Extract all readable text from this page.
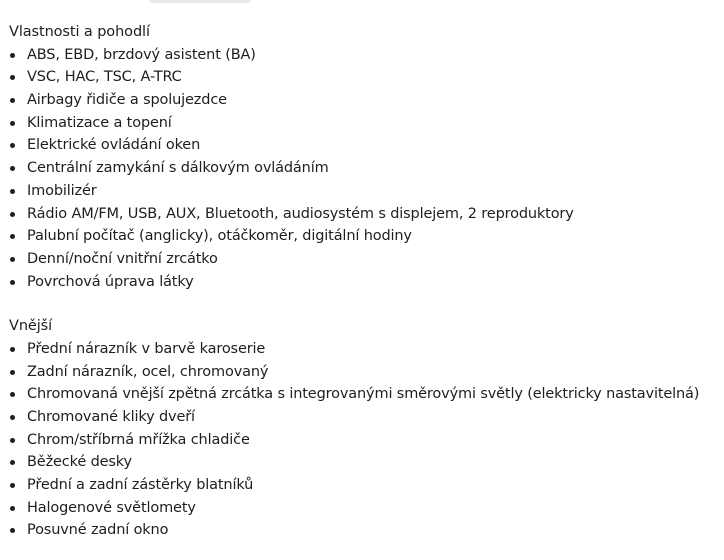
Vlastnosti a pohodlí
ABS, EBD, brzdový asistent (BA)
VSC, HAC, TSC, A-TRC
Airbagy řidiče a spolujezdce
Klimatizace a topení
Elektrické ovládání oken
Centrální zamykání s dálkovým ovládáním
Imobilizér
Rádio AM/FM, USB, AUX, Bluetooth, audiosystém s displejem, 2 reproduktory
Palubní počítač (anglicky), otáčkoměr, digitální hodiny
Denní/noční vnitřní zrcátko
Povrchová úprava látky
Vnější
Přední nárazník v barvě karoserie
Zadní nárazník, ocel, chromovaný
Chromovaná vnější zpětná zrcátka s integrovanými směrovými světly (elektricky nastavitelná)
Chromované kliky dveří
Chrom/stříbrná mřížka chladiče
Běžecké desky
Přední a zadní zástěrky blatníků
Halogenové světlomety
Posuvné zadní okno
